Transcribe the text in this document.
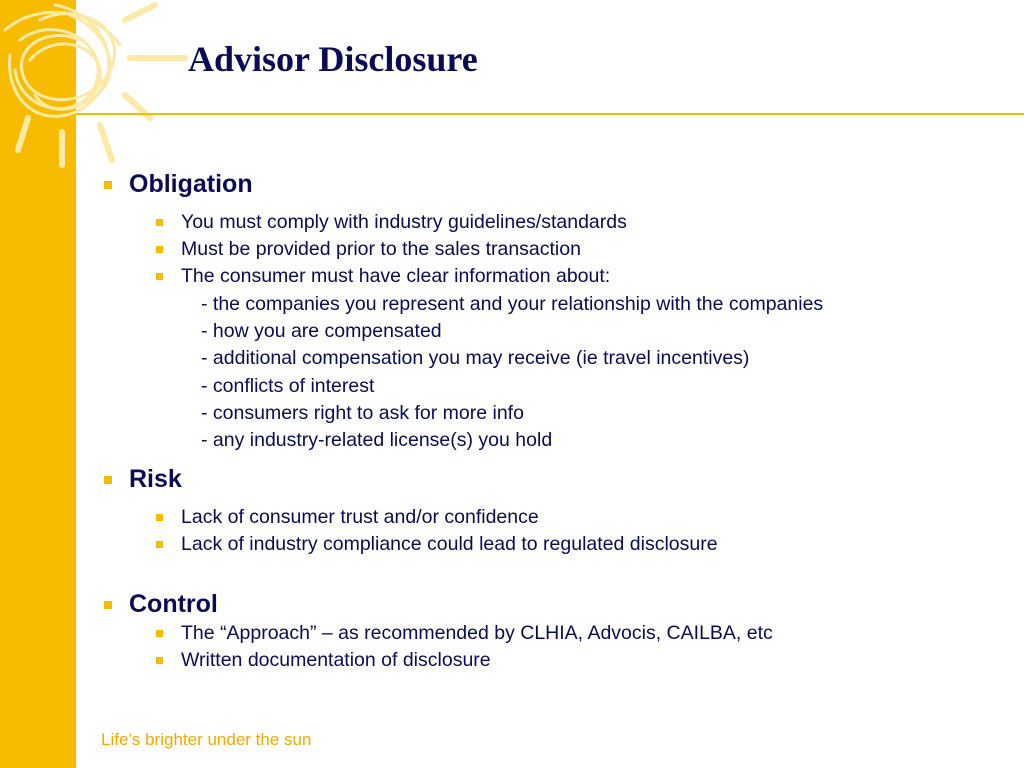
Advisor Disclosure
Obligation
You must comply with industry guidelines/standards
Must be provided prior to the sales transaction
The consumer must have clear information about:
- the companies you represent and your relationship with the companies
- how you are compensated
- additional compensation you may receive (ie travel incentives)
- conflicts of interest
- consumers right to ask for more info
- any industry-related license(s) you hold
Risk
Lack of consumer trust and/or confidence
Lack of industry compliance could lead to regulated disclosure
Control
The “Approach” – as recommended by CLHIA, Advocis, CAILBA, etc
Written documentation of disclosure

Life’s brighter under the sun
